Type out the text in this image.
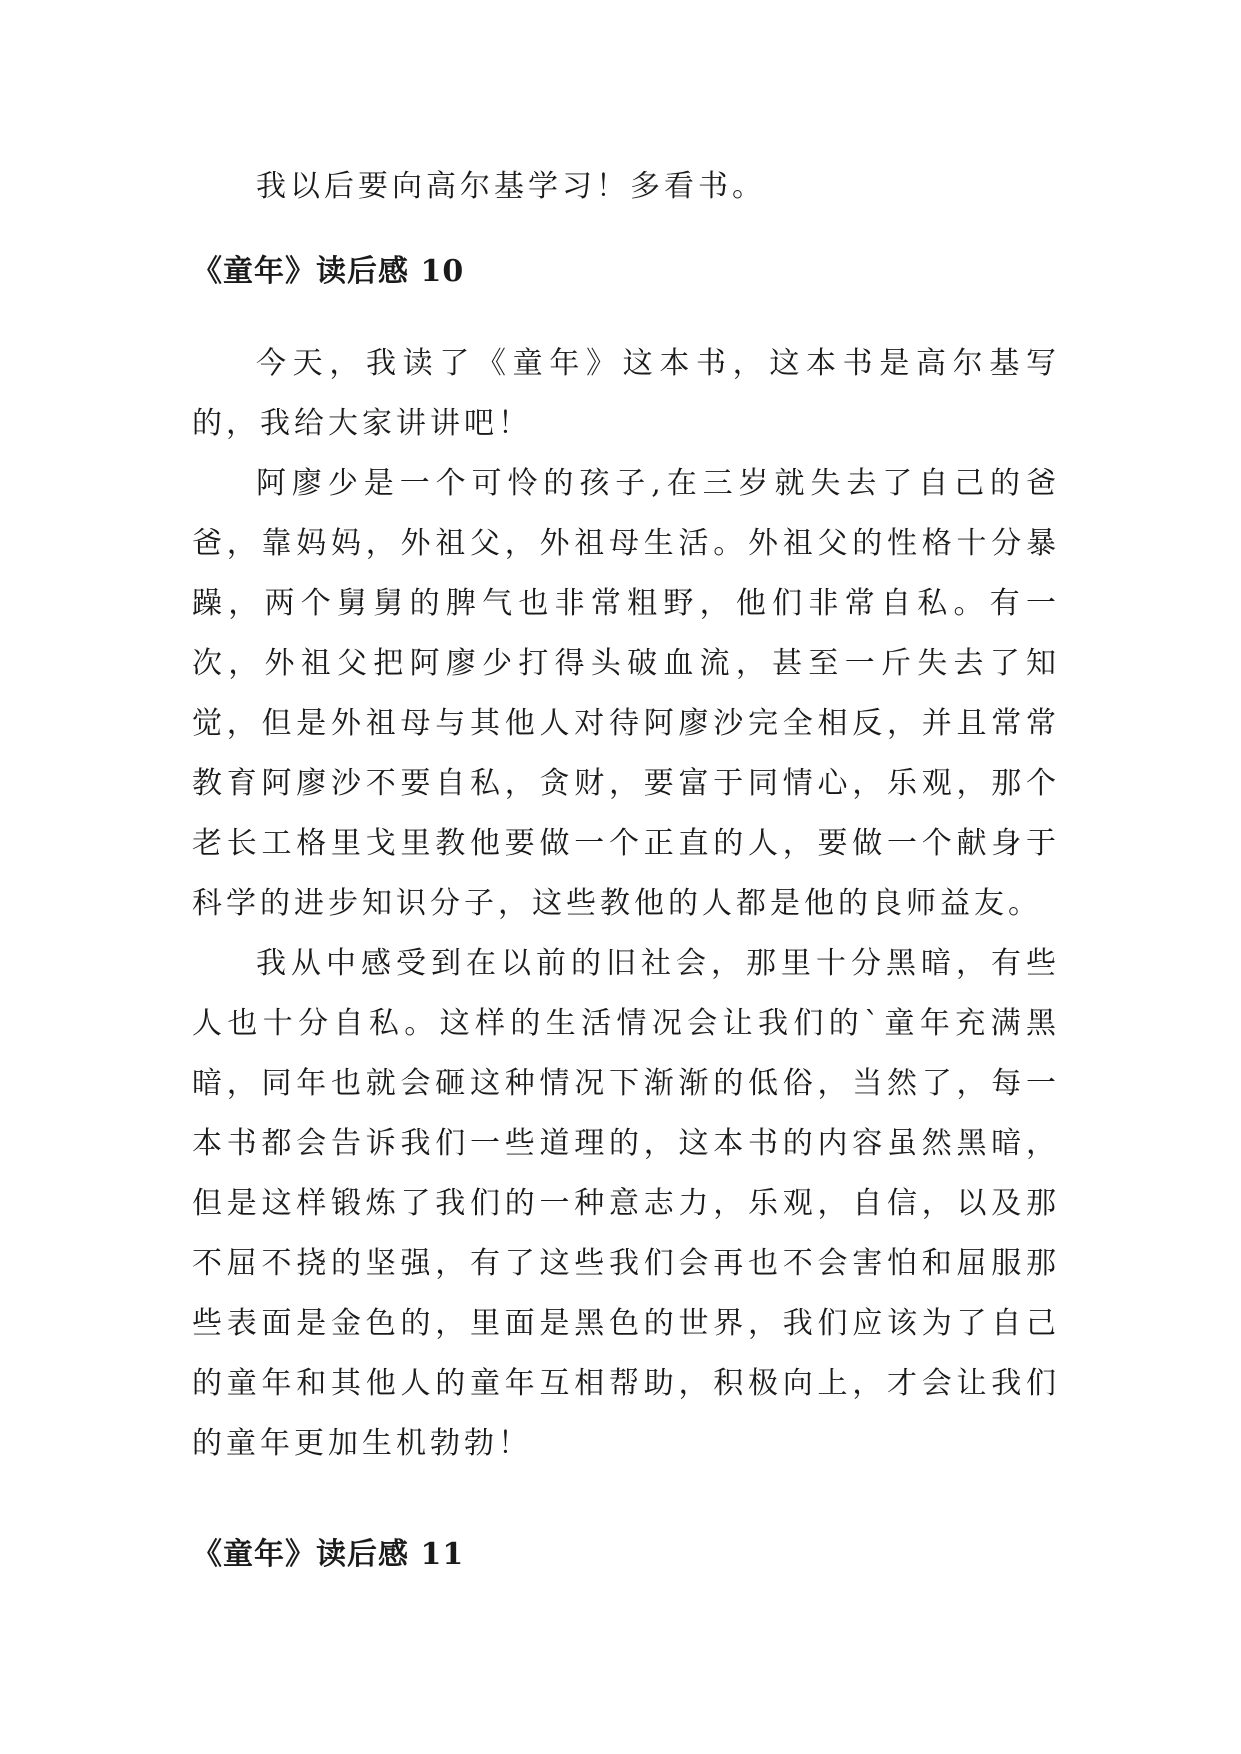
我以后要向高尔基学习！多看书。

《童年》读后感 10

今天，我读了《童年》这本书，这本书是高尔基写的，我给大家讲讲吧！

阿廖少是一个可怜的孩子,在三岁就失去了自己的爸爸，靠妈妈，外祖父，外祖母生活。外祖父的性格十分暴躁，两个舅舅的脾气也非常粗野，他们非常自私。有一次，外祖父把阿廖少打得头破血流，甚至一斤失去了知觉，但是外祖母与其他人对待阿廖沙完全相反，并且常常教育阿廖沙不要自私，贪财，要富于同情心，乐观，那个老长工格里戈里教他要做一个正直的人，要做一个献身于科学的进步知识分子，这些教他的人都是他的良师益友。

我从中感受到在以前的旧社会，那里十分黑暗，有些人也十分自私。这样的生活情况会让我们的`童年充满黑暗，同年也就会砸这种情况下渐渐的低俗，当然了，每一本书都会告诉我们一些道理的，这本书的内容虽然黑暗，但是这样锻炼了我们的一种意志力，乐观，自信，以及那不屈不挠的坚强，有了这些我们会再也不会害怕和屈服那些表面是金色的，里面是黑色的世界，我们应该为了自己的童年和其他人的童年互相帮助，积极向上，才会让我们的童年更加生机勃勃！

《童年》读后感 11
